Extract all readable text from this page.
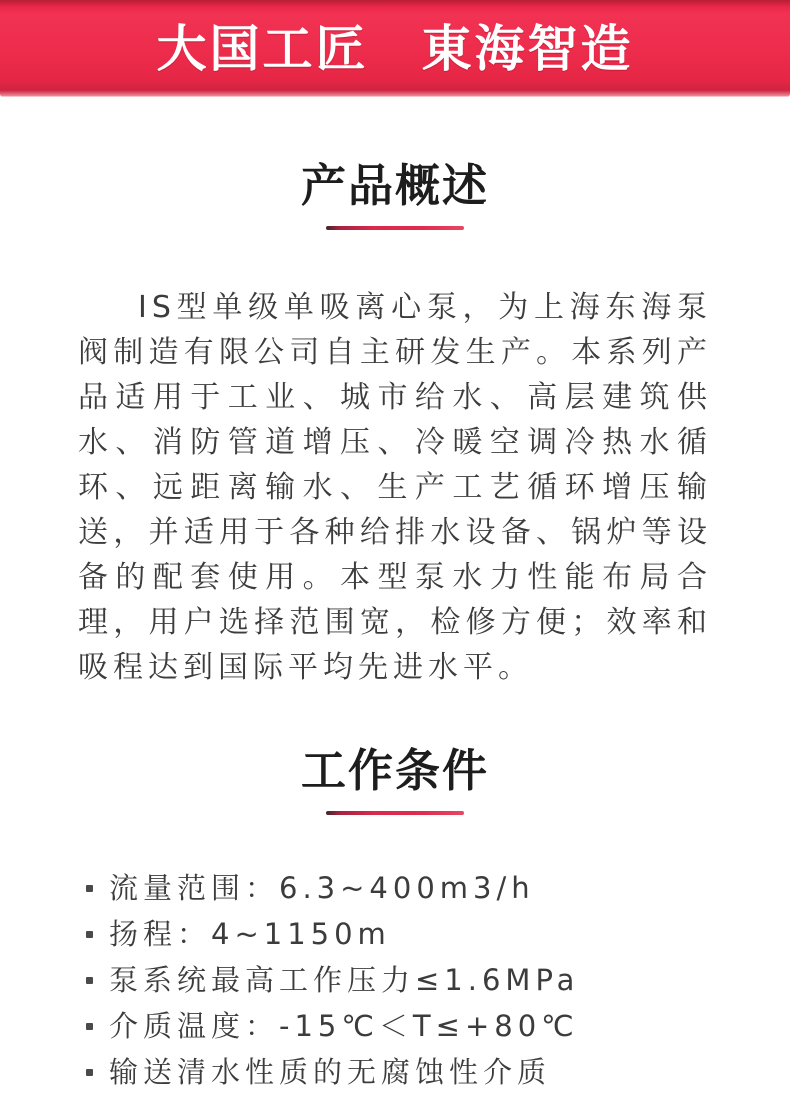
大国工匠　東海智造
产品概述

IS型单级单吸离心泵，为上海东海泵阀制造有限公司自主研发生产。本系列产品适用于工业、城市给水、高层建筑供水、消防管道增压、冷暖空调冷热水循环、远距离输水、生产工艺循环增压输送，并适用于各种给排水设备、锅炉等设备的配套使用。本型泵水力性能布局合理，用户选择范围宽，检修方便；效率和吸程达到国际平均先进水平。

工作条件
流量范围：6.3~400m3/h
扬程：4~1150m
泵系统最高工作压力≤1.6MPa
介质温度：-15℃＜T≤+80℃
输送清水性质的无腐蚀性介质
